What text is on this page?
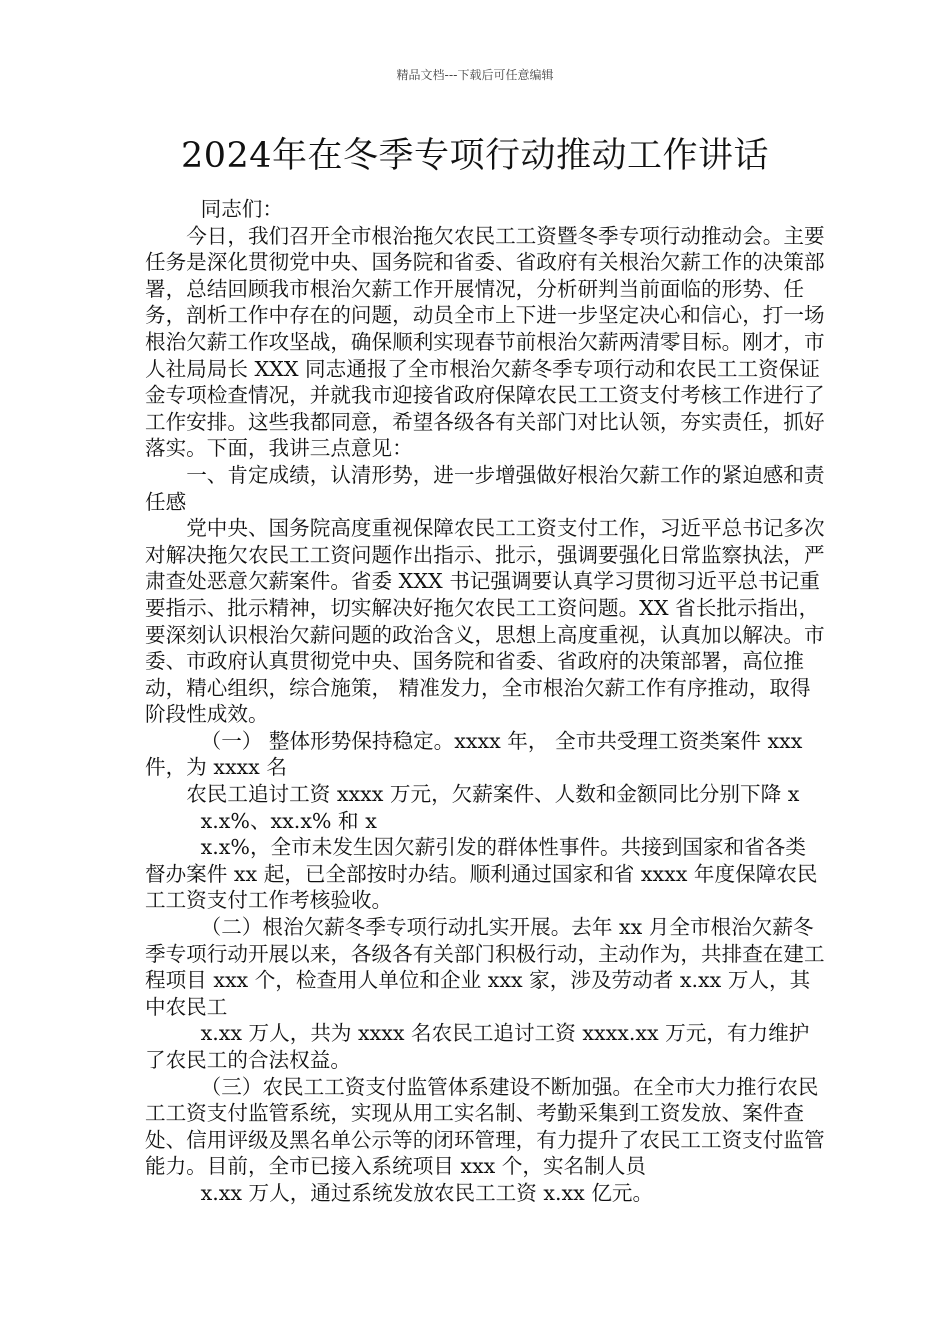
精品文档---下载后可任意编辑
2024年在冬季专项行动推动工作讲话

同志们：

今日，我们召开全市根治拖欠农民工工资暨冬季专项行动推动会。主要任务是深化贯彻党中央、国务院和省委、省政府有关根治欠薪工作的决策部署，总结回顾我市根治欠薪工作开展情况，分析研判当前面临的形势、任务，剖析工作中存在的问题，动员全市上下进一步坚定决心和信心，打一场根治欠薪工作攻坚战，确保顺利实现春节前根治欠薪两清零目标。刚才，市人社局局长 XXX 同志通报了全市根治欠薪冬季专项行动和农民工工资保证金专项检查情况，并就我市迎接省政府保障农民工工资支付考核工作进行了工作安排。这些我都同意，希望各级各有关部门对比认领，夯实责任，抓好落实。下面，我讲三点意见：

一、肯定成绩，认清形势，进一步增强做好根治欠薪工作的紧迫感和责任感

党中央、国务院高度重视保障农民工工资支付工作，习近平总书记多次对解决拖欠农民工工资问题作出指示、批示，强调要强化日常监察执法，严肃查处恶意欠薪案件。省委 XXX 书记强调要认真学习贯彻习近平总书记重要指示、批示精神，切实解决好拖欠农民工工资问题。XX 省长批示指出，要深刻认识根治欠薪问题的政治含义，思想上高度重视，认真加以解决。市委、市政府认真贯彻党中央、国务院和省委、省政府的决策部署，高位推动，精心组织，综合施策， 精准发力，全市根治欠薪工作有序推动，取得阶段性成效。

（一） 整体形势保持稳定。xxxx 年， 全市共受理工资类案件 xxx 件，为 xxxx 名

农民工追讨工资 xxxx 万元，欠薪案件、人数和金额同比分别下降 x

x.x%、xx.x% 和 x

x.x%，全市未发生因欠薪引发的群体性事件。共接到国家和省各类督办案件 xx 起，已全部按时办结。顺利通过国家和省 xxxx 年度保障农民工工资支付工作考核验收。

（二）根治欠薪冬季专项行动扎实开展。去年 xx 月全市根治欠薪冬季专项行动开展以来，各级各有关部门积极行动，主动作为，共排查在建工程项目 xxx 个，检查用人单位和企业 xxx 家，涉及劳动者 x.xx 万人，其中农民工

x.xx 万人，共为 xxxx 名农民工追讨工资 xxxx.xx 万元，有力维护了农民工的合法权益。

（三）农民工工资支付监管体系建设不断加强。在全市大力推行农民工工资支付监管系统，实现从用工实名制、考勤采集到工资发放、案件查处、信用评级及黑名单公示等的闭环管理，有力提升了农民工工资支付监管能力。目前，全市已接入系统项目 xxx 个，实名制人员

x.xx 万人，通过系统发放农民工工资 x.xx 亿元。
